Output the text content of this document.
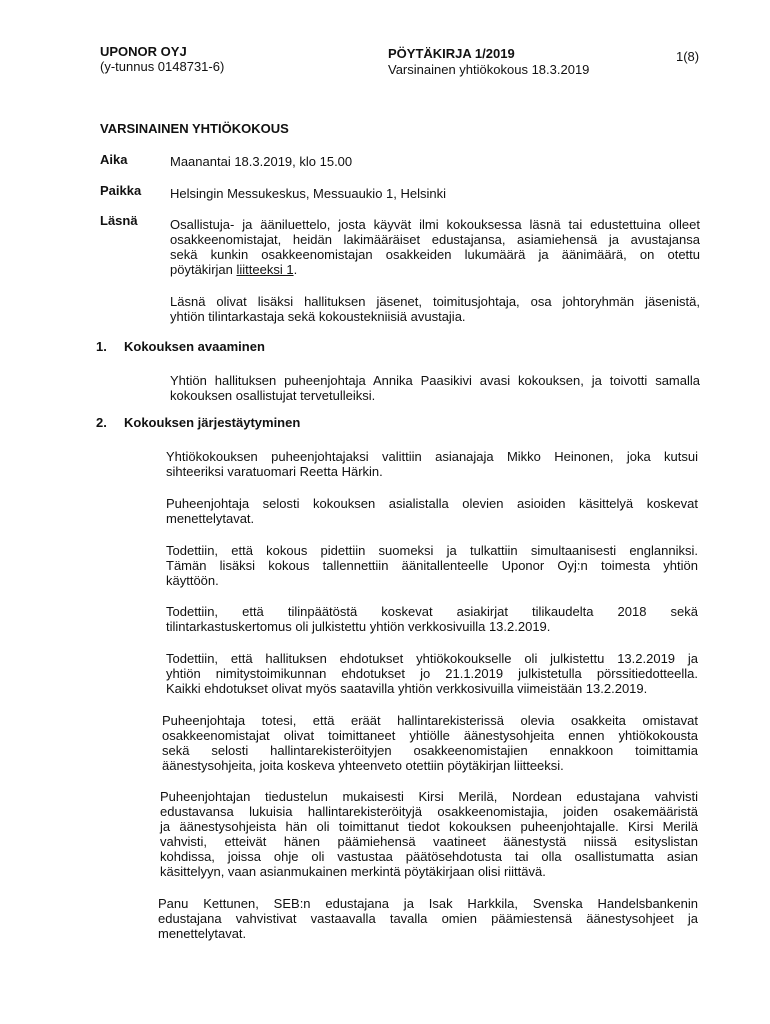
UPONOR OYJ
(y-tunnus 0148731-6)
PÖYTÄKIRJA 1/2019
Varsinainen yhtiökokous 18.3.2019
1(8)
VARSINAINEN YHTIÖKOKOUS
Aika	Maanantai 18.3.2019, klo 15.00
Paikka Helsingin Messukeskus, Messuaukio 1, Helsinki
Läsnä Osallistuja- ja ääniluettelo, josta käyvät ilmi kokouksessa läsnä tai edustettuina olleet
osakkeenomistajat, heidän lakimääräiset edustajansa, asiamiehensä ja avustajansa
sekä kunkin osakkeenomistajan osakkeiden lukumäärä ja äänimäärä, on otettu
pöytäkirjan liitteeksi 1.
Läsnä olivat lisäksi hallituksen jäsenet, toimitusjohtaja, osa johtoryhmän jäsenistä,
yhtiön tilintarkastaja sekä kokoustekniisiä avustajia.
1. Kokouksen avaaminen
Yhtiön hallituksen puheenjohtaja Annika Paasikivi avasi kokouksen, ja toivotti samalla
kokouksen osallistujat tervetulleiksi.
2. Kokouksen järjestäytyminen
Yhtiökokouksen puheenjohtajaksi valittiin asianajaja Mikko Heinonen, joka kutsui
sihteeriksi varatuomari Reetta Härkin.
Puheenjohtaja selosti kokouksen asialistalla olevien asioiden käsittelyä koskevat
menettelytavat.
Todettiin, että kokous pidettiin suomeksi ja tulkattiin simultaanisesti englanniksi.
Tämän lisäksi kokous tallennettiin äänitallenteelle Uponor Oyj:n toimesta yhtiön
käyttöön.
Todettiin, että tilinpäätöstä koskevat asiakirjat tilikaudelta 2018 sekä
tilintarkastuskertomus oli julkistettu yhtiön verkkosivuilla 13.2.2019.
Todettiin, että hallituksen ehdotukset yhtiökokoukselle oli julkistettu 13.2.2019 ja
yhtiön nimitystoimikunnan ehdotukset jo 21.1.2019 julkistetulla pörssitiedotteella.
Kaikki ehdotukset olivat myös saatavilla yhtiön verkkosivuilla viimeistään 13.2.2019.
Puheenjohtaja totesi, että eräät hallintarekisterissä olevia osakkeita omistavat
osakkeenomistajat olivat toimittaneet yhtiölle äänestysohjeita ennen yhtiökokousta
sekä selosti hallintarekisteröityjen osakkeenomistajien ennakkoon toimittamia
äänestysohjeita, joita koskeva yhteenveto otettiin pöytäkirjan liitteeksi.
Puheenjohtajan tiedustelun mukaisesti Kirsi Merilä, Nordean edustajana vahvisti
edustavansa lukuisia hallintarekisteröityjä osakkeenomistajia, joiden osakemääristä
ja äänestysohjeista hän oli toimittanut tiedot kokouksen puheenjohtajalle. Kirsi Merilä
vahvisti, etteivät hänen päämiehensä vaatineet äänestystä niissä esityslistan
kohdissa, joissa ohje oli vastustaa päätösehdotusta tai olla osallistumatta asian
käsittelyyn, vaan asianmukainen merkintä pöytäkirjaan olisi riittävä.
Panu Kettunen, SEB:n edustajana ja Isak Harkkila, Svenska Handelsbankenin
edustajana vahvistivat vastaavalla tavalla omien päämiestensä äänestysohjeet ja
menettelytavat.
